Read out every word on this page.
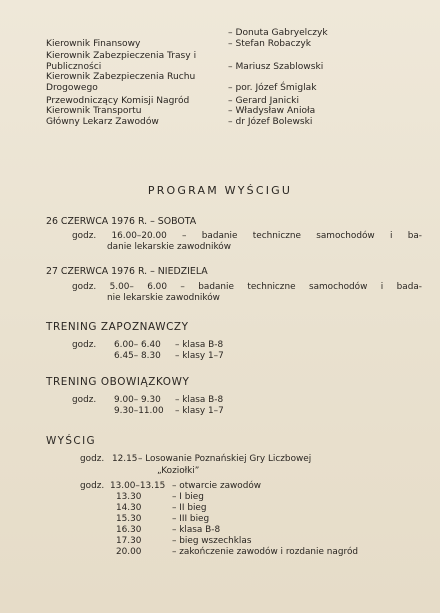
– Donuta Gabryelczyk
Kierownik Finansowy	– Stefan Robaczyk
Kierownik Zabezpieczenia Trasy i Publiczności	– Mariusz Szablowski
Kierownik Zabezpieczenia Ruchu Drogowego	– por. Józef Śmiglak
Przewodniczący Komisji Nagród	– Gerard Janicki
Kierownik Transportu	– Władysław Anioła
Główny Lekarz Zawodów	– dr Józef Bolewski
PROGRAM WYŚCIGU
26 CZERWCA 1976 R. – SOBOTA
godz. 16.00–20.00 – badanie techniczne samochodów i ba-
danie lekarskie zawodników
27 CZERWCA 1976 R. – NIEDZIELA
godz. 5.00– 6.00 – badanie techniczne samochodów i bada-
nie lekarskie zawodników
TRENING ZAPOZNAWCZY
godz. 6.00– 6.40 – klasa B-8
6.45– 8.30 – klasy 1–7
TRENING OBOWIĄZKOWY
godz. 9.00– 9.30 – klasa B-8
9.30–11.00 – klasy 1–7
WYŚCIG
godz. 12.15 – Losowanie Poznańskiej Gry Liczbowej
„Koziołki”
godz. 13.00–13.15 – otwarcie zawodów
13.30	– I bieg
14.30	– II bieg
15.30	– III bieg
16.30	– klasa B-8
17.30	– bieg wszechklas
20.00	– zakończenie zawodów i rozdanie nagród
